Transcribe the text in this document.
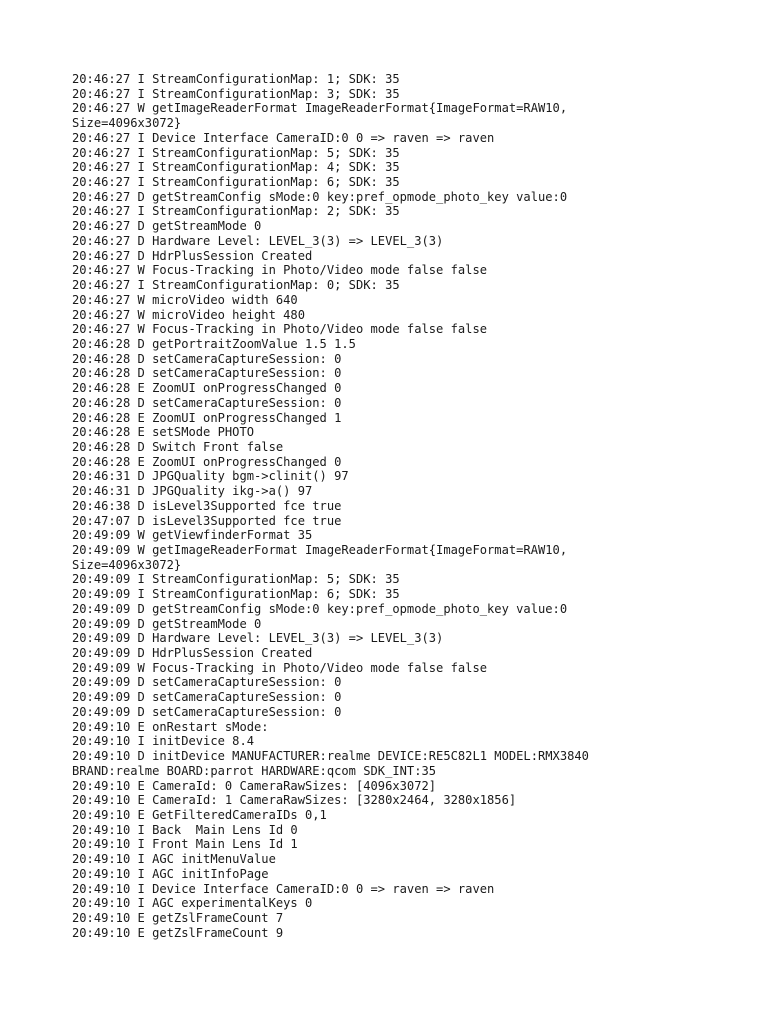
20:46:27 I StreamConfigurationMap: 1; SDK: 35
20:46:27 I StreamConfigurationMap: 3; SDK: 35
20:46:27 W getImageReaderFormat ImageReaderFormat{ImageFormat=RAW10,
Size=4096x3072}
20:46:27 I Device Interface CameraID:0 0 => raven => raven
20:46:27 I StreamConfigurationMap: 5; SDK: 35
20:46:27 I StreamConfigurationMap: 4; SDK: 35
20:46:27 I StreamConfigurationMap: 6; SDK: 35
20:46:27 D getStreamConfig sMode:0 key:pref_opmode_photo_key value:0
20:46:27 I StreamConfigurationMap: 2; SDK: 35
20:46:27 D getStreamMode 0
20:46:27 D Hardware Level: LEVEL_3(3) => LEVEL_3(3)
20:46:27 D HdrPlusSession Created
20:46:27 W Focus-Tracking in Photo/Video mode false false
20:46:27 I StreamConfigurationMap: 0; SDK: 35
20:46:27 W microVideo width 640
20:46:27 W microVideo height 480
20:46:27 W Focus-Tracking in Photo/Video mode false false
20:46:28 D getPortraitZoomValue 1.5 1.5
20:46:28 D setCameraCaptureSession: 0
20:46:28 D setCameraCaptureSession: 0
20:46:28 E ZoomUI onProgressChanged 0
20:46:28 D setCameraCaptureSession: 0
20:46:28 E ZoomUI onProgressChanged 1
20:46:28 E setSMode PHOTO
20:46:28 D Switch Front false
20:46:28 E ZoomUI onProgressChanged 0
20:46:31 D JPGQuality bgm->clinit() 97
20:46:31 D JPGQuality ikg->a() 97
20:46:38 D isLevel3Supported fce true
20:47:07 D isLevel3Supported fce true
20:49:09 W getViewfinderFormat 35
20:49:09 W getImageReaderFormat ImageReaderFormat{ImageFormat=RAW10,
Size=4096x3072}
20:49:09 I StreamConfigurationMap: 5; SDK: 35
20:49:09 I StreamConfigurationMap: 6; SDK: 35
20:49:09 D getStreamConfig sMode:0 key:pref_opmode_photo_key value:0
20:49:09 D getStreamMode 0
20:49:09 D Hardware Level: LEVEL_3(3) => LEVEL_3(3)
20:49:09 D HdrPlusSession Created
20:49:09 W Focus-Tracking in Photo/Video mode false false
20:49:09 D setCameraCaptureSession: 0
20:49:09 D setCameraCaptureSession: 0
20:49:09 D setCameraCaptureSession: 0
20:49:10 E onRestart sMode:
20:49:10 I initDevice 8.4
20:49:10 D initDevice MANUFACTURER:realme DEVICE:RE5C82L1 MODEL:RMX3840
BRAND:realme BOARD:parrot HARDWARE:qcom SDK_INT:35
20:49:10 E CameraId: 0 CameraRawSizes: [4096x3072]
20:49:10 E CameraId: 1 CameraRawSizes: [3280x2464, 3280x1856]
20:49:10 E GetFilteredCameraIDs 0,1
20:49:10 I Back  Main Lens Id 0
20:49:10 I Front Main Lens Id 1
20:49:10 I AGC initMenuValue
20:49:10 I AGC initInfoPage
20:49:10 I Device Interface CameraID:0 0 => raven => raven
20:49:10 I AGC experimentalKeys 0
20:49:10 E getZslFrameCount 7
20:49:10 E getZslFrameCount 9
